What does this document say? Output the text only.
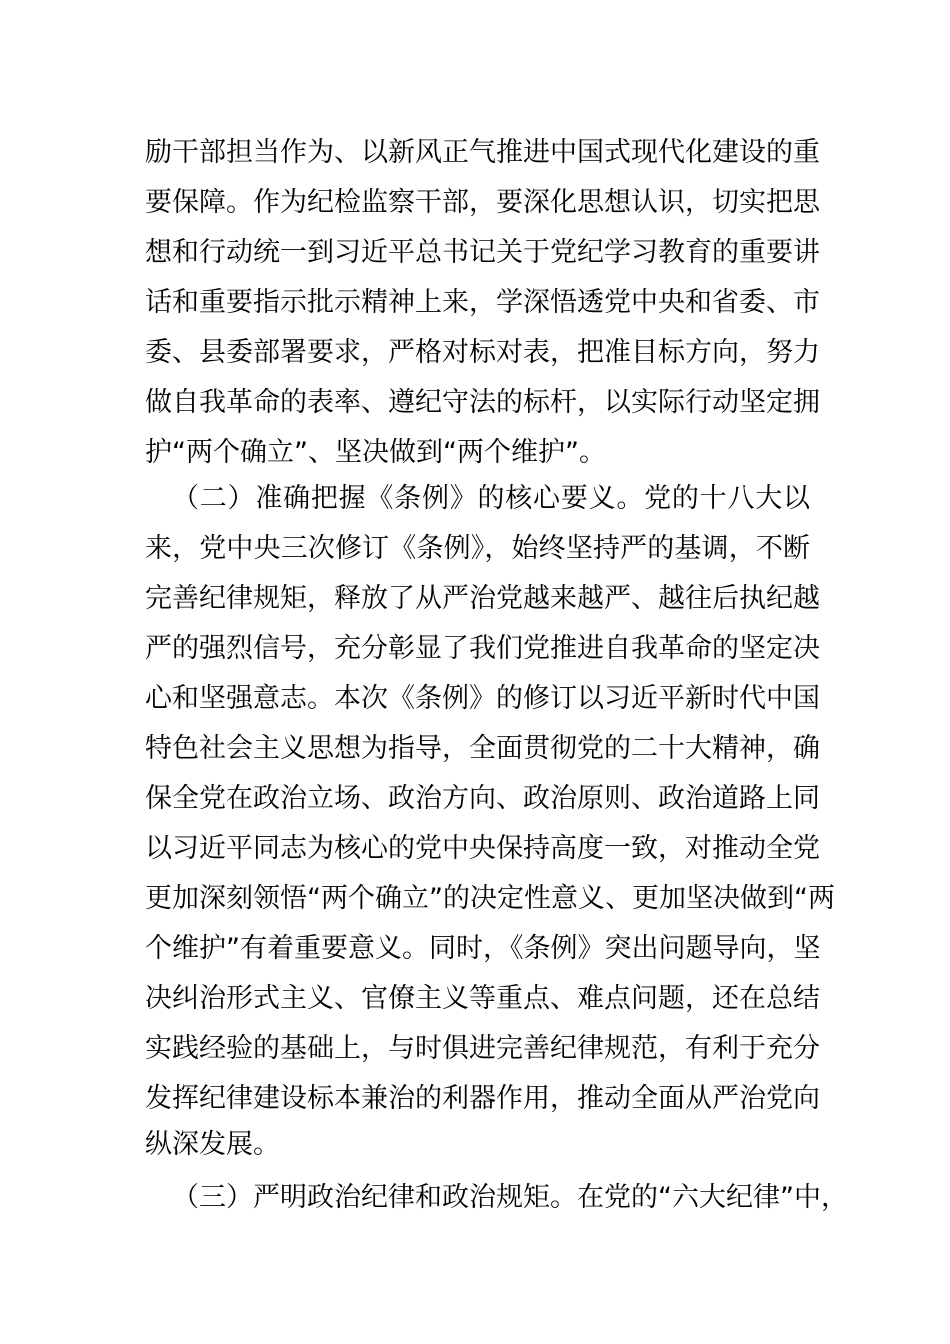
励干部担当作为、以新风正气推进中国式现代化建设的重
要保障。作为纪检监察干部，要深化思想认识，切实把思
想和行动统一到习近平总书记关于党纪学习教育的重要讲
话和重要指示批示精神上来，学深悟透党中央和省委、市
委、县委部署要求，严格对标对表，把准目标方向，努力
做自我革命的表率、遵纪守法的标杆，以实际行动坚定拥
护“两个确立”、坚决做到“两个维护”。
（二）准确把握《条例》的核心要义。党的十八大以
来，党中央三次修订《条例》，始终坚持严的基调，不断
完善纪律规矩，释放了从严治党越来越严、越往后执纪越
严的强烈信号，充分彰显了我们党推进自我革命的坚定决
心和坚强意志。本次《条例》的修订以习近平新时代中国
特色社会主义思想为指导，全面贯彻党的二十大精神，确
保全党在政治立场、政治方向、政治原则、政治道路上同
以习近平同志为核心的党中央保持高度一致，对推动全党
更加深刻领悟“两个确立”的决定性意义、更加坚决做到“两
个维护”有着重要意义。同时，《条例》突出问题导向，坚
决纠治形式主义、官僚主义等重点、难点问题，还在总结
实践经验的基础上，与时俱进完善纪律规范，有利于充分
发挥纪律建设标本兼治的利器作用，推动全面从严治党向
纵深发展。
（三）严明政治纪律和政治规矩。在党的“六大纪律”中，
